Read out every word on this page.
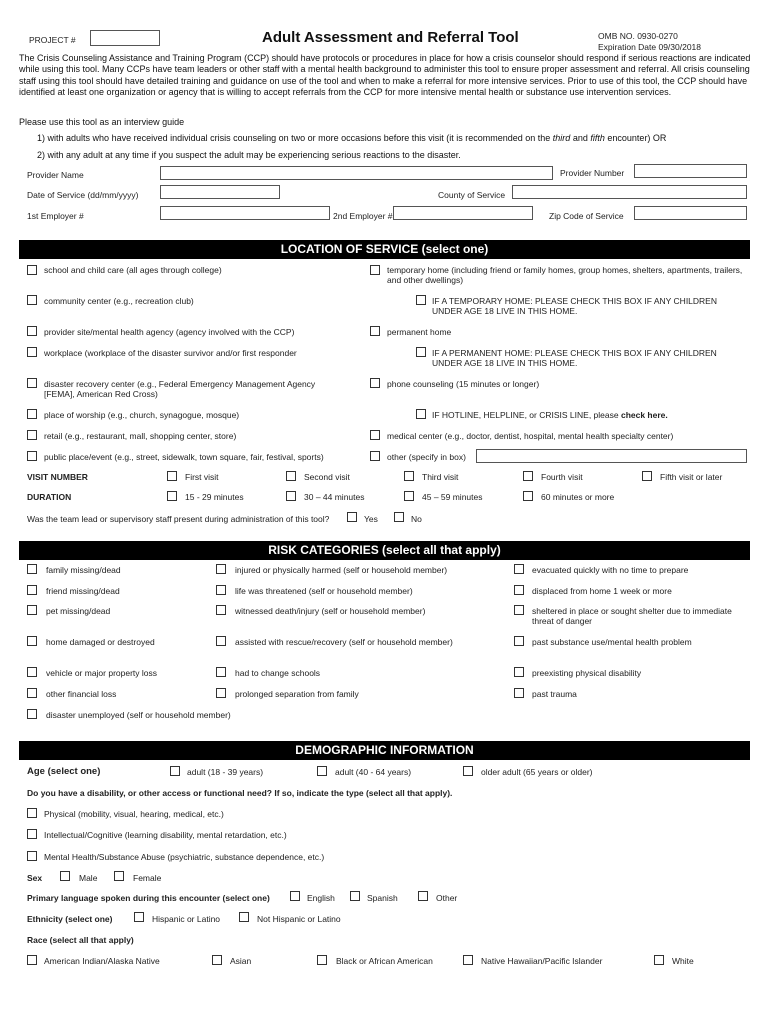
PROJECT #	Adult Assessment and Referral Tool	OMB NO. 0930-0270
Expiration Date 09/30/2018
The Crisis Counseling Assistance and Training Program (CCP) should have protocols or procedures in place for how a crisis counselor should respond if serious reactions are indicated while using this tool. Many CCPs have team leaders or other staff with a mental health background to administer this tool to ensure proper assessment and referral. All crisis counseling staff using this tool should have detailed training and guidance on use of the tool and when to make a referral for more intensive services. Prior to use of this tool, the CCP should have identified at least one organization or agency that is willing to accept referrals from the CCP for more intensive mental health or substance use intervention services.
Please use this tool as an interview guide
1) with adults who have received individual crisis counseling on two or more occasions before this visit (it is recommended on the third and fifth encounter) OR
2) with any adult at any time if you suspect the adult may be experiencing serious reactions to the disaster.
Provider Name	Provider Number
Date of Service (dd/mm/yyyy)	County of Service
1st Employer #	2nd Employer #	Zip Code of Service
LOCATION OF SERVICE (select one)
school and child care (all ages through college)
community center (e.g., recreation club)
provider site/mental health agency (agency involved with the CCP)
workplace (workplace of the disaster survivor and/or first responder
disaster recovery center (e.g., Federal Emergency Management Agency [FEMA], American Red Cross)
place of worship (e.g., church, synagogue, mosque)
retail (e.g., restaurant, mall, shopping center, store)
public place/event (e.g., street, sidewalk, town square, fair, festival, sports)
temporary home (including friend or family homes, group homes, shelters, apartments, trailers, and other dwellings)
IF A TEMPORARY HOME: PLEASE CHECK THIS BOX IF ANY CHILDREN UNDER AGE 18 LIVE IN THIS HOME.
permanent home
IF A PERMANENT HOME: PLEASE CHECK THIS BOX IF ANY CHILDREN UNDER AGE 18 LIVE IN THIS HOME.
phone counseling (15 minutes or longer)
IF HOTLINE, HELPLINE, or CRISIS LINE, please check here.
medical center (e.g., doctor, dentist, hospital, mental health specialty center)
other (specify in box)
VISIT NUMBER	First visit	Second visit	Third visit	Fourth visit	Fifth visit or later
DURATION	15 - 29 minutes	30 – 44 minutes	45 – 59 minutes	60 minutes or more
Was the team lead or supervisory staff present during administration of this tool?	Yes	No
RISK CATEGORIES (select all that apply)
family missing/dead
friend missing/dead
pet missing/dead
home damaged or destroyed
vehicle or major property loss
other financial loss
disaster unemployed (self or household member)
injured or physically harmed (self or household member)
life was threatened (self or household member)
witnessed death/injury (self or household member)
assisted with rescue/recovery (self or household member)
had to change schools
prolonged separation from family
evacuated quickly with no time to prepare
displaced from home 1 week or more
sheltered in place or sought shelter due to immediate threat of danger
past substance use/mental health problem
preexisting physical disability
past trauma
DEMOGRAPHIC INFORMATION
Age (select one)	adult (18 - 39 years)	adult (40 - 64 years)	older adult (65 years or older)
Do you have a disability, or other access or functional need? If so, indicate the type (select all that apply).
Physical (mobility, visual, hearing, medical, etc.)
Intellectual/Cognitive (learning disability, mental retardation, etc.)
Mental Health/Substance Abuse (psychiatric, substance dependence, etc.)
Sex	Male	Female
Primary language spoken during this encounter (select one)	English	Spanish	Other
Ethnicity (select one)	Hispanic or Latino	Not Hispanic or Latino
Race (select all that apply)
American Indian/Alaska Native	Asian	Black or African American	Native Hawaiian/Pacific Islander	White
